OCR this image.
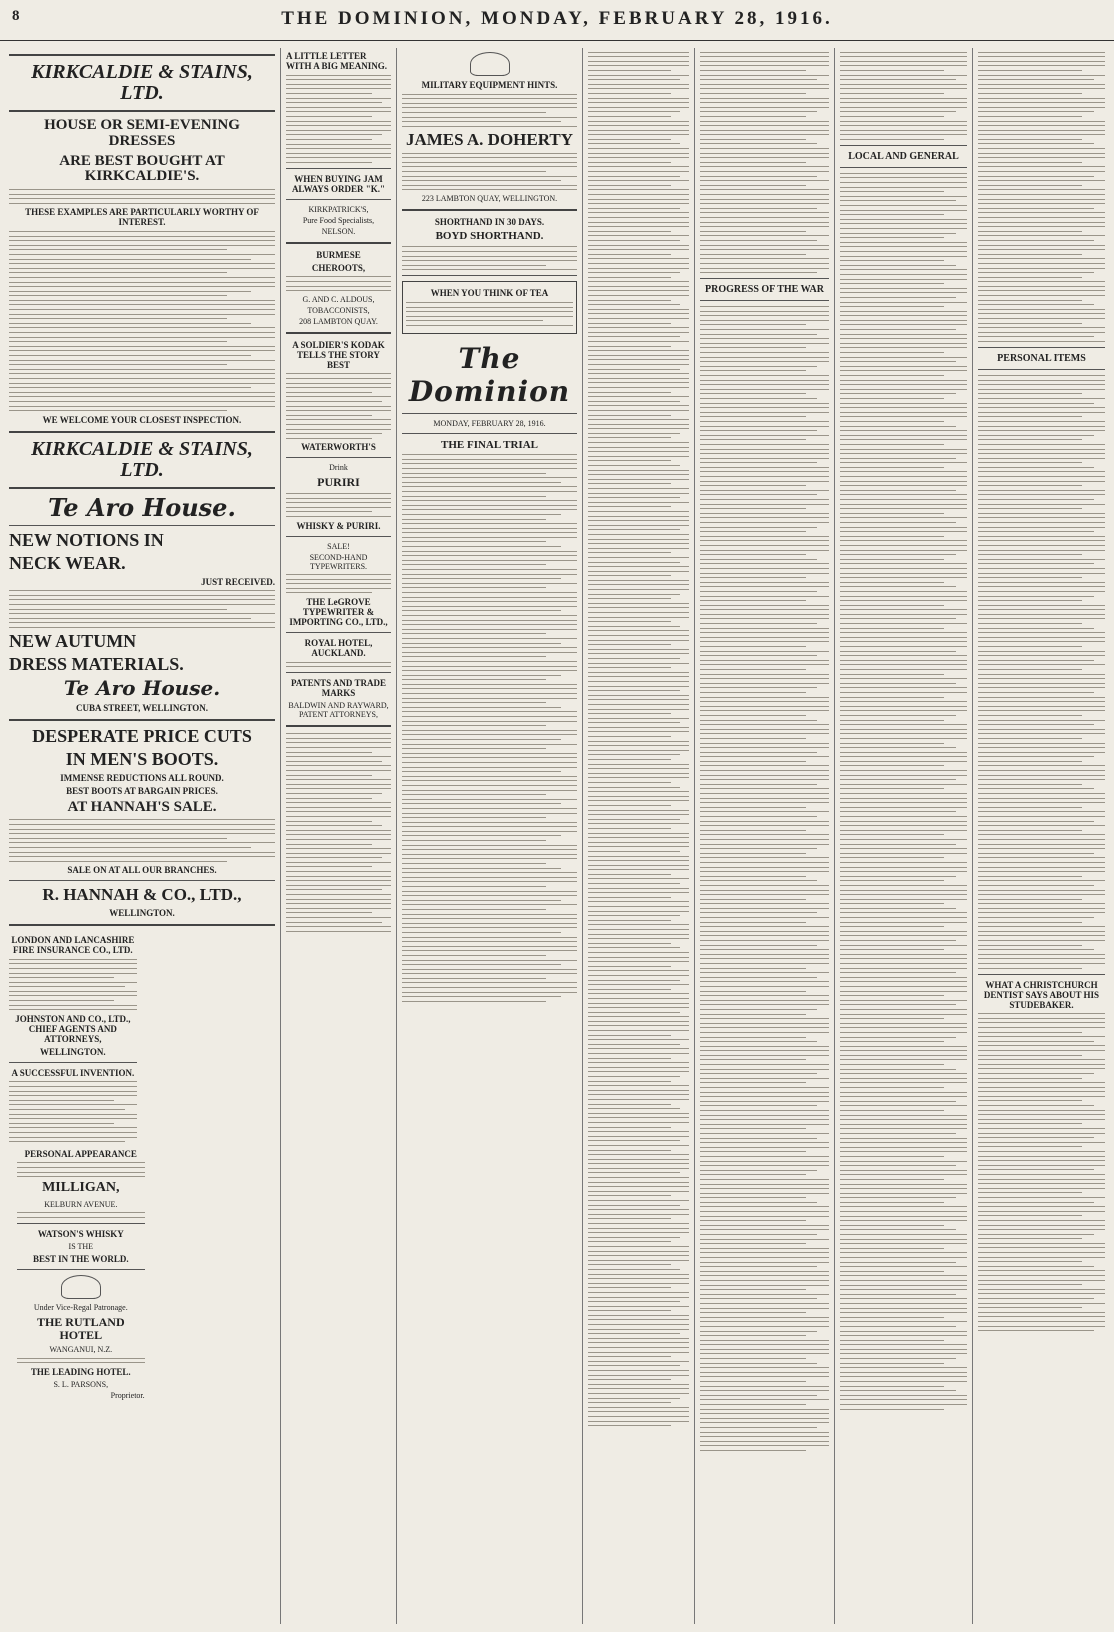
8	THE DOMINION, MONDAY, FEBRUARY 28, 1916.
KIRKCALDIE & STAINS, LTD.
HOUSE OR SEMI-EVENING DRESSES
ARE BEST BOUGHT AT KIRKCALDIE'S.
THESE EXAMPLES ARE PARTICULARLY WORTHY OF INTEREST.
WE WELCOME YOUR CLOSEST INSPECTION.
KIRKCALDIE & STAINS, LTD.
Te Aro House.
NEW NOTIONS IN
NECK WEAR.
JUST RECEIVED.
NEW AUTUMN
DRESS MATERIALS.
Te Aro House.
CUBA STREET, WELLINGTON.
DESPERATE PRICE CUTS
IN MEN'S BOOTS.
IMMENSE REDUCTIONS ALL ROUND.
BEST BOOTS AT BARGAIN PRICES.
AT HANNAH'S SALE.
SALE ON AT ALL OUR BRANCHES.
R. HANNAH & CO., LTD.,
WELLINGTON.
LONDON AND LANCASHIRE FIRE INSURANCE CO., LTD.
JOHNSTON AND CO., LTD., CHIEF AGENTS AND ATTORNEYS,
WELLINGTON.
A SUCCESSFUL INVENTION.

PERSONAL APPEARANCE
MILLIGAN,
KELBURN AVENUE.
WATSON'S WHISKY
IS THE
BEST IN THE WORLD.
Under Vice-Regal Patronage.
THE RUTLAND HOTEL
WANGANUI, N.Z.
THE LEADING HOTEL.
S. L. PARSONS,
Proprietor.
A LITTLE LETTER WITH A BIG MEANING.
WHEN BUYING JAM ALWAYS ORDER "K."
KIRKPATRICK'S,
Pure Food Specialists,
NELSON.
BURMESE
CHEROOTS,
G. AND C. ALDOUS,
TOBACCONISTS,
208 LAMBTON QUAY.
A SOLDIER'S KODAK TELLS THE STORY BEST
WATERWORTH'S
Drink
PURIRI
WHISKY & PURIRI.
SALE!
SECOND-HAND TYPEWRITERS.
THE LeGROVE TYPEWRITER & IMPORTING CO., LTD.,
ROYAL HOTEL, AUCKLAND.
PATENTS AND TRADE MARKS
BALDWIN AND RAYWARD, PATENT ATTORNEYS,
MILITARY EQUIPMENT HINTS.
JAMES A. DOHERTY
223 LAMBTON QUAY, WELLINGTON.
SHORTHAND IN 30 DAYS.
BOYD SHORTHAND.
WHEN YOU THINK OF TEA
The Dominion
MONDAY, FEBRUARY 28, 1916.
THE FINAL TRIAL
PROGRESS OF THE WAR
LOCAL AND GENERAL
PERSONAL ITEMS
WHAT A CHRISTCHURCH DENTIST SAYS ABOUT HIS STUDEBAKER.
